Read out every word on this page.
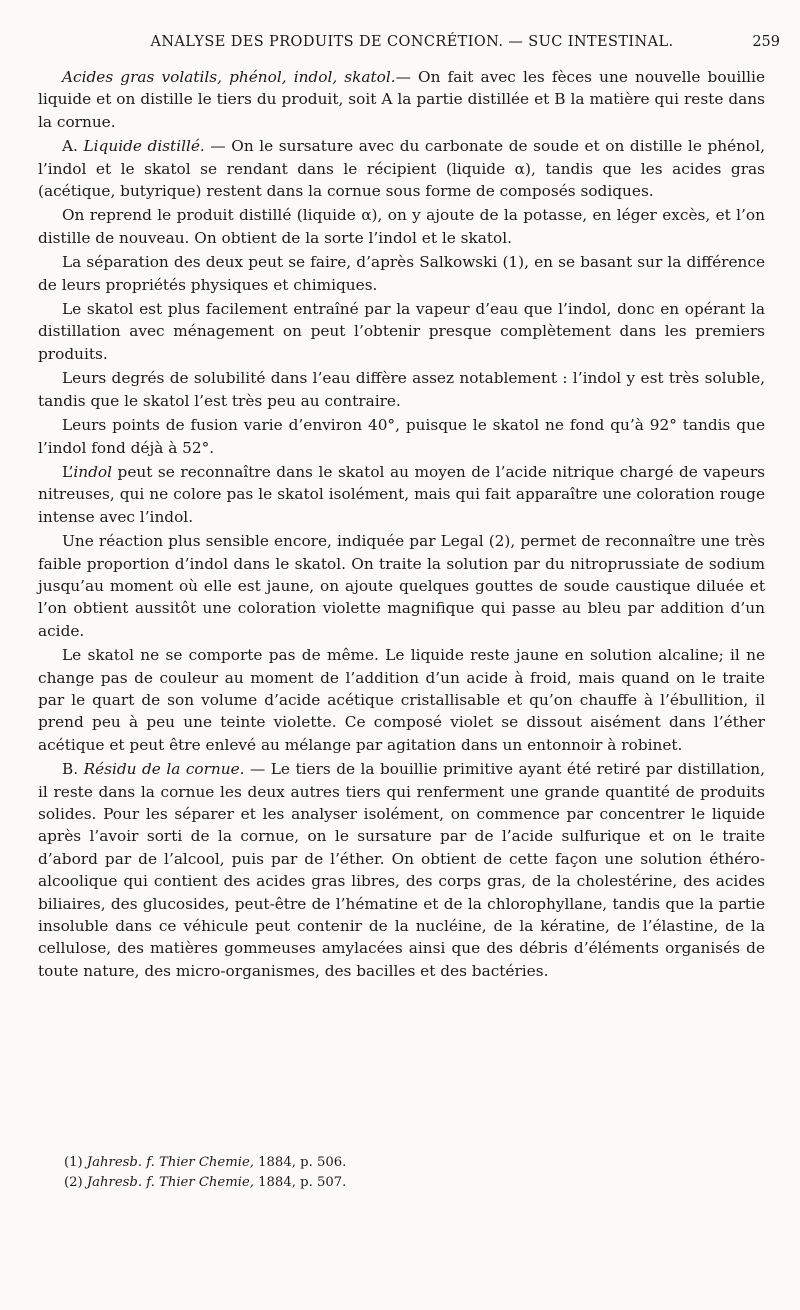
ANALYSE DES PRODUITS DE CONCRÉTION. — SUC INTESTINAL.	259

Acides gras volatils, phénol, indol, skatol.— On fait avec les fèces une nouvelle bouillie liquide et on distille le tiers du produit, soit A la partie distillée et B la matière qui reste dans la cornue.

A. Liquide distillé. — On le sursature avec du carbonate de soude et on distille le phénol, l’indol et le skatol se rendant dans le récipient (liquide α), tandis que les acides gras (acétique, butyrique) restent dans la cornue sous forme de composés sodiques.

On reprend le produit distillé (liquide α), on y ajoute de la potasse, en léger excès, et l’on distille de nouveau. On obtient de la sorte l’indol et le skatol.

La séparation des deux peut se faire, d’après Salkowski (1), en se basant sur la différence de leurs propriétés physiques et chimiques.

Le skatol est plus facilement entraîné par la vapeur d’eau que l’indol, donc en opérant la distillation avec ménagement on peut l’obtenir presque complètement dans les premiers produits.

Leurs degrés de solubilité dans l’eau diffère assez notablement : l’indol y est très soluble, tandis que le skatol l’est très peu au contraire.

Leurs points de fusion varie d’environ 40°, puisque le skatol ne fond qu’à 92° tandis que l’indol fond déjà à 52°.

L’indol peut se reconnaître dans le skatol au moyen de l’acide nitrique chargé de vapeurs nitreuses, qui ne colore pas le skatol isolément, mais qui fait apparaître une coloration rouge intense avec l’indol.

Une réaction plus sensible encore, indiquée par Legal (2), permet de reconnaître une très faible proportion d’indol dans le skatol. On traite la solution par du nitroprussiate de sodium jusqu’au moment où elle est jaune, on ajoute quelques gouttes de soude caustique diluée et l’on obtient aussitôt une coloration violette magnifique qui passe au bleu par addition d’un acide.

Le skatol ne se comporte pas de même. Le liquide reste jaune en solution alcaline; il ne change pas de couleur au moment de l’addition d’un acide à froid, mais quand on le traite par le quart de son volume d’acide acétique cristallisable et qu’on chauffe à l’ébullition, il prend peu à peu une teinte violette. Ce composé violet se dissout aisément dans l’éther acétique et peut être enlevé au mélange par agitation dans un entonnoir à robinet.

B. Résidu de la cornue. — Le tiers de la bouillie primitive ayant été retiré par distillation, il reste dans la cornue les deux autres tiers qui renferment une grande quantité de produits solides. Pour les séparer et les analyser isolément, on commence par concentrer le liquide après l’avoir sorti de la cornue, on le sursature par de l’acide sulfurique et on le traite d’abord par de l’alcool, puis par de l’éther. On obtient de cette façon une solution éthéro-alcoolique qui contient des acides gras libres, des corps gras, de la cholestérine, des acides biliaires, des glucosides, peut-être de l’hématine et de la chlorophyllane, tandis que la partie insoluble dans ce véhicule peut contenir de la nucléine, de la kératine, de l’élastine, de la cellulose, des matières gommeuses amylacées ainsi que des débris d’éléments organisés de toute nature, des micro-organismes, des bacilles et des bactéries.

(1) Jahresb. f. Thier Chemie, 1884, p. 506.
(2) Jahresb. f. Thier Chemie, 1884, p. 507.
